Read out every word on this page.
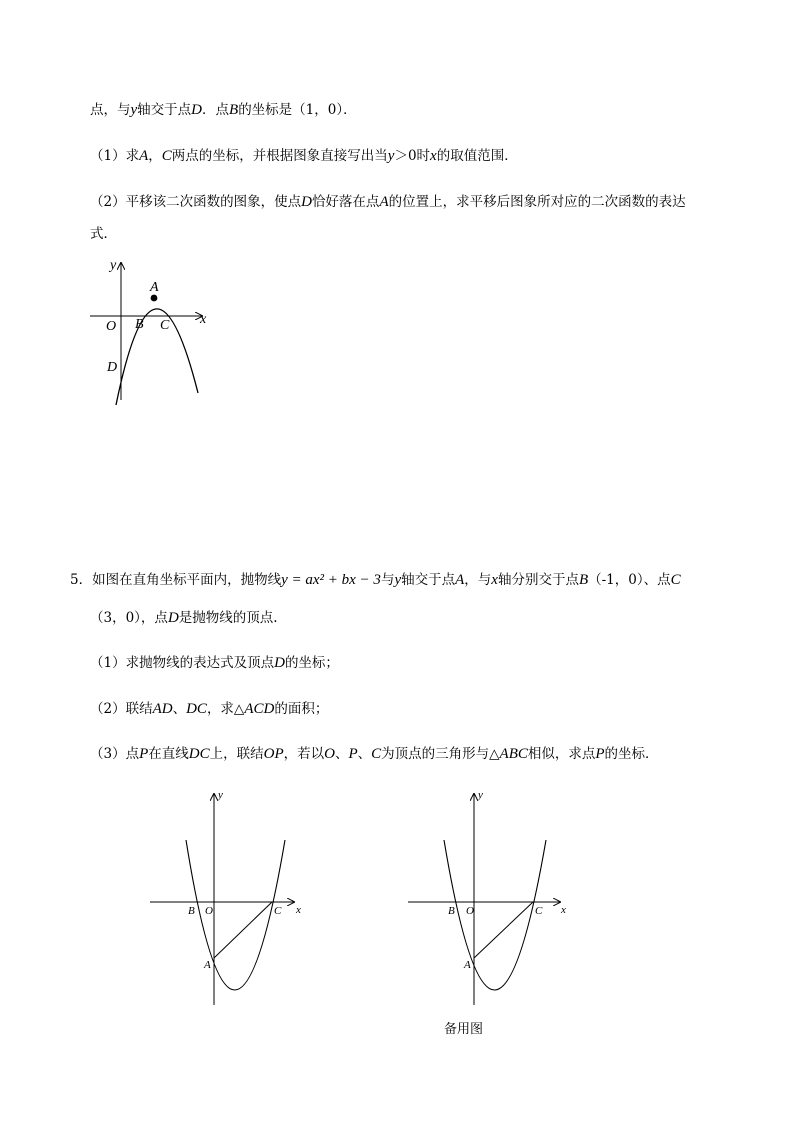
点，与y轴交于点D．点B的坐标是（1，0）．
（1）求A，C两点的坐标，并根据图象直接写出当y＞0时x的取值范围．
（2）平移该二次函数的图象，使点D恰好落在点A的位置上，求平移后图象所对应的二次函数的表达
式．
y
x
O
A
B C
D
5．如图在直角坐标平面内，抛物线y = ax² + bx − 3与y轴交于点A，与x轴分别交于点B（-1，0）、点C
（3，0），点D是抛物线的顶点.
（1）求抛物线的表达式及顶点D的坐标；
（2）联结AD、DC，求△ACD的面积；
（3）点P在直线DC上，联结OP，若以O、P、C为顶点的三角形与△ABC相似，求点P的坐标．
y
x
O
A
B	C
y
x
O
A
B	C
备用图
